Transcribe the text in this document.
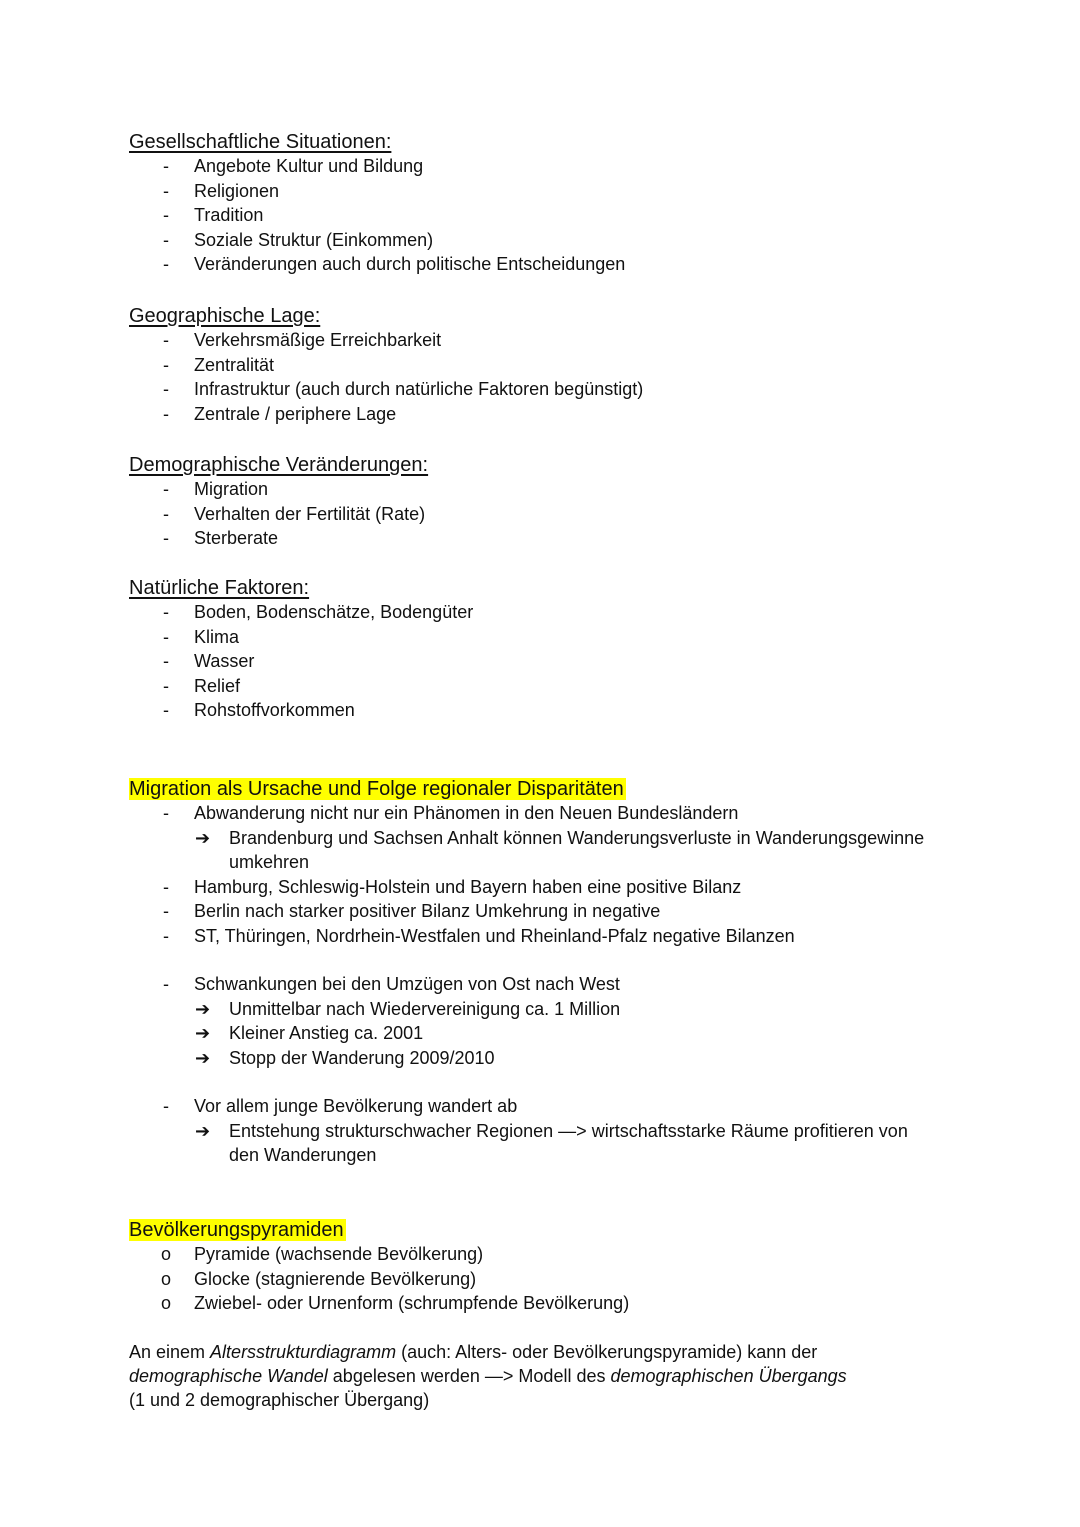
Gesellschaftliche Situationen:
- Angebote Kultur und Bildung
- Religionen
- Tradition
- Soziale Struktur (Einkommen)
- Veränderungen auch durch politische Entscheidungen
Geographische Lage:
- Verkehrsmäßige Erreichbarkeit
- Zentralität
- Infrastruktur (auch durch natürliche Faktoren begünstigt)
- Zentrale / periphere Lage
Demographische Veränderungen:
- Migration
- Verhalten der Fertilität (Rate)
- Sterberate
Natürliche Faktoren:
- Boden, Bodenschätze, Bodengüter
- Klima
- Wasser
- Relief
- Rohstoffvorkommen
Migration als Ursache und Folge regionaler Disparitäten
- Abwanderung nicht nur ein Phänomen in den Neuen Bundesländern
➔ Brandenburg und Sachsen Anhalt können Wanderungsverluste in Wanderungsgewinne
umkehren
- Hamburg, Schleswig-Holstein und Bayern haben eine positive Bilanz
- Berlin nach starker positiver Bilanz Umkehrung in negative
- ST, Thüringen, Nordrhein-Westfalen und Rheinland-Pfalz negative Bilanzen
- Schwankungen bei den Umzügen von Ost nach West
➔ Unmittelbar nach Wiedervereinigung ca. 1 Million
➔ Kleiner Anstieg ca. 2001
➔ Stopp der Wanderung 2009/2010
- Vor allem junge Bevölkerung wandert ab
➔ Entstehung strukturschwacher Regionen —> wirtschaftsstarke Räume profitieren von
den Wanderungen
Bevölkerungspyramiden
o Pyramide (wachsende Bevölkerung)
o Glocke (stagnierende Bevölkerung)
o Zwiebel- oder Urnenform (schrumpfende Bevölkerung)
An einem Altersstrukturdiagramm (auch: Alters- oder Bevölkerungspyramide) kann der
demographische Wandel abgelesen werden —> Modell des demographischen Übergangs
(1 und 2 demographischer Übergang)
